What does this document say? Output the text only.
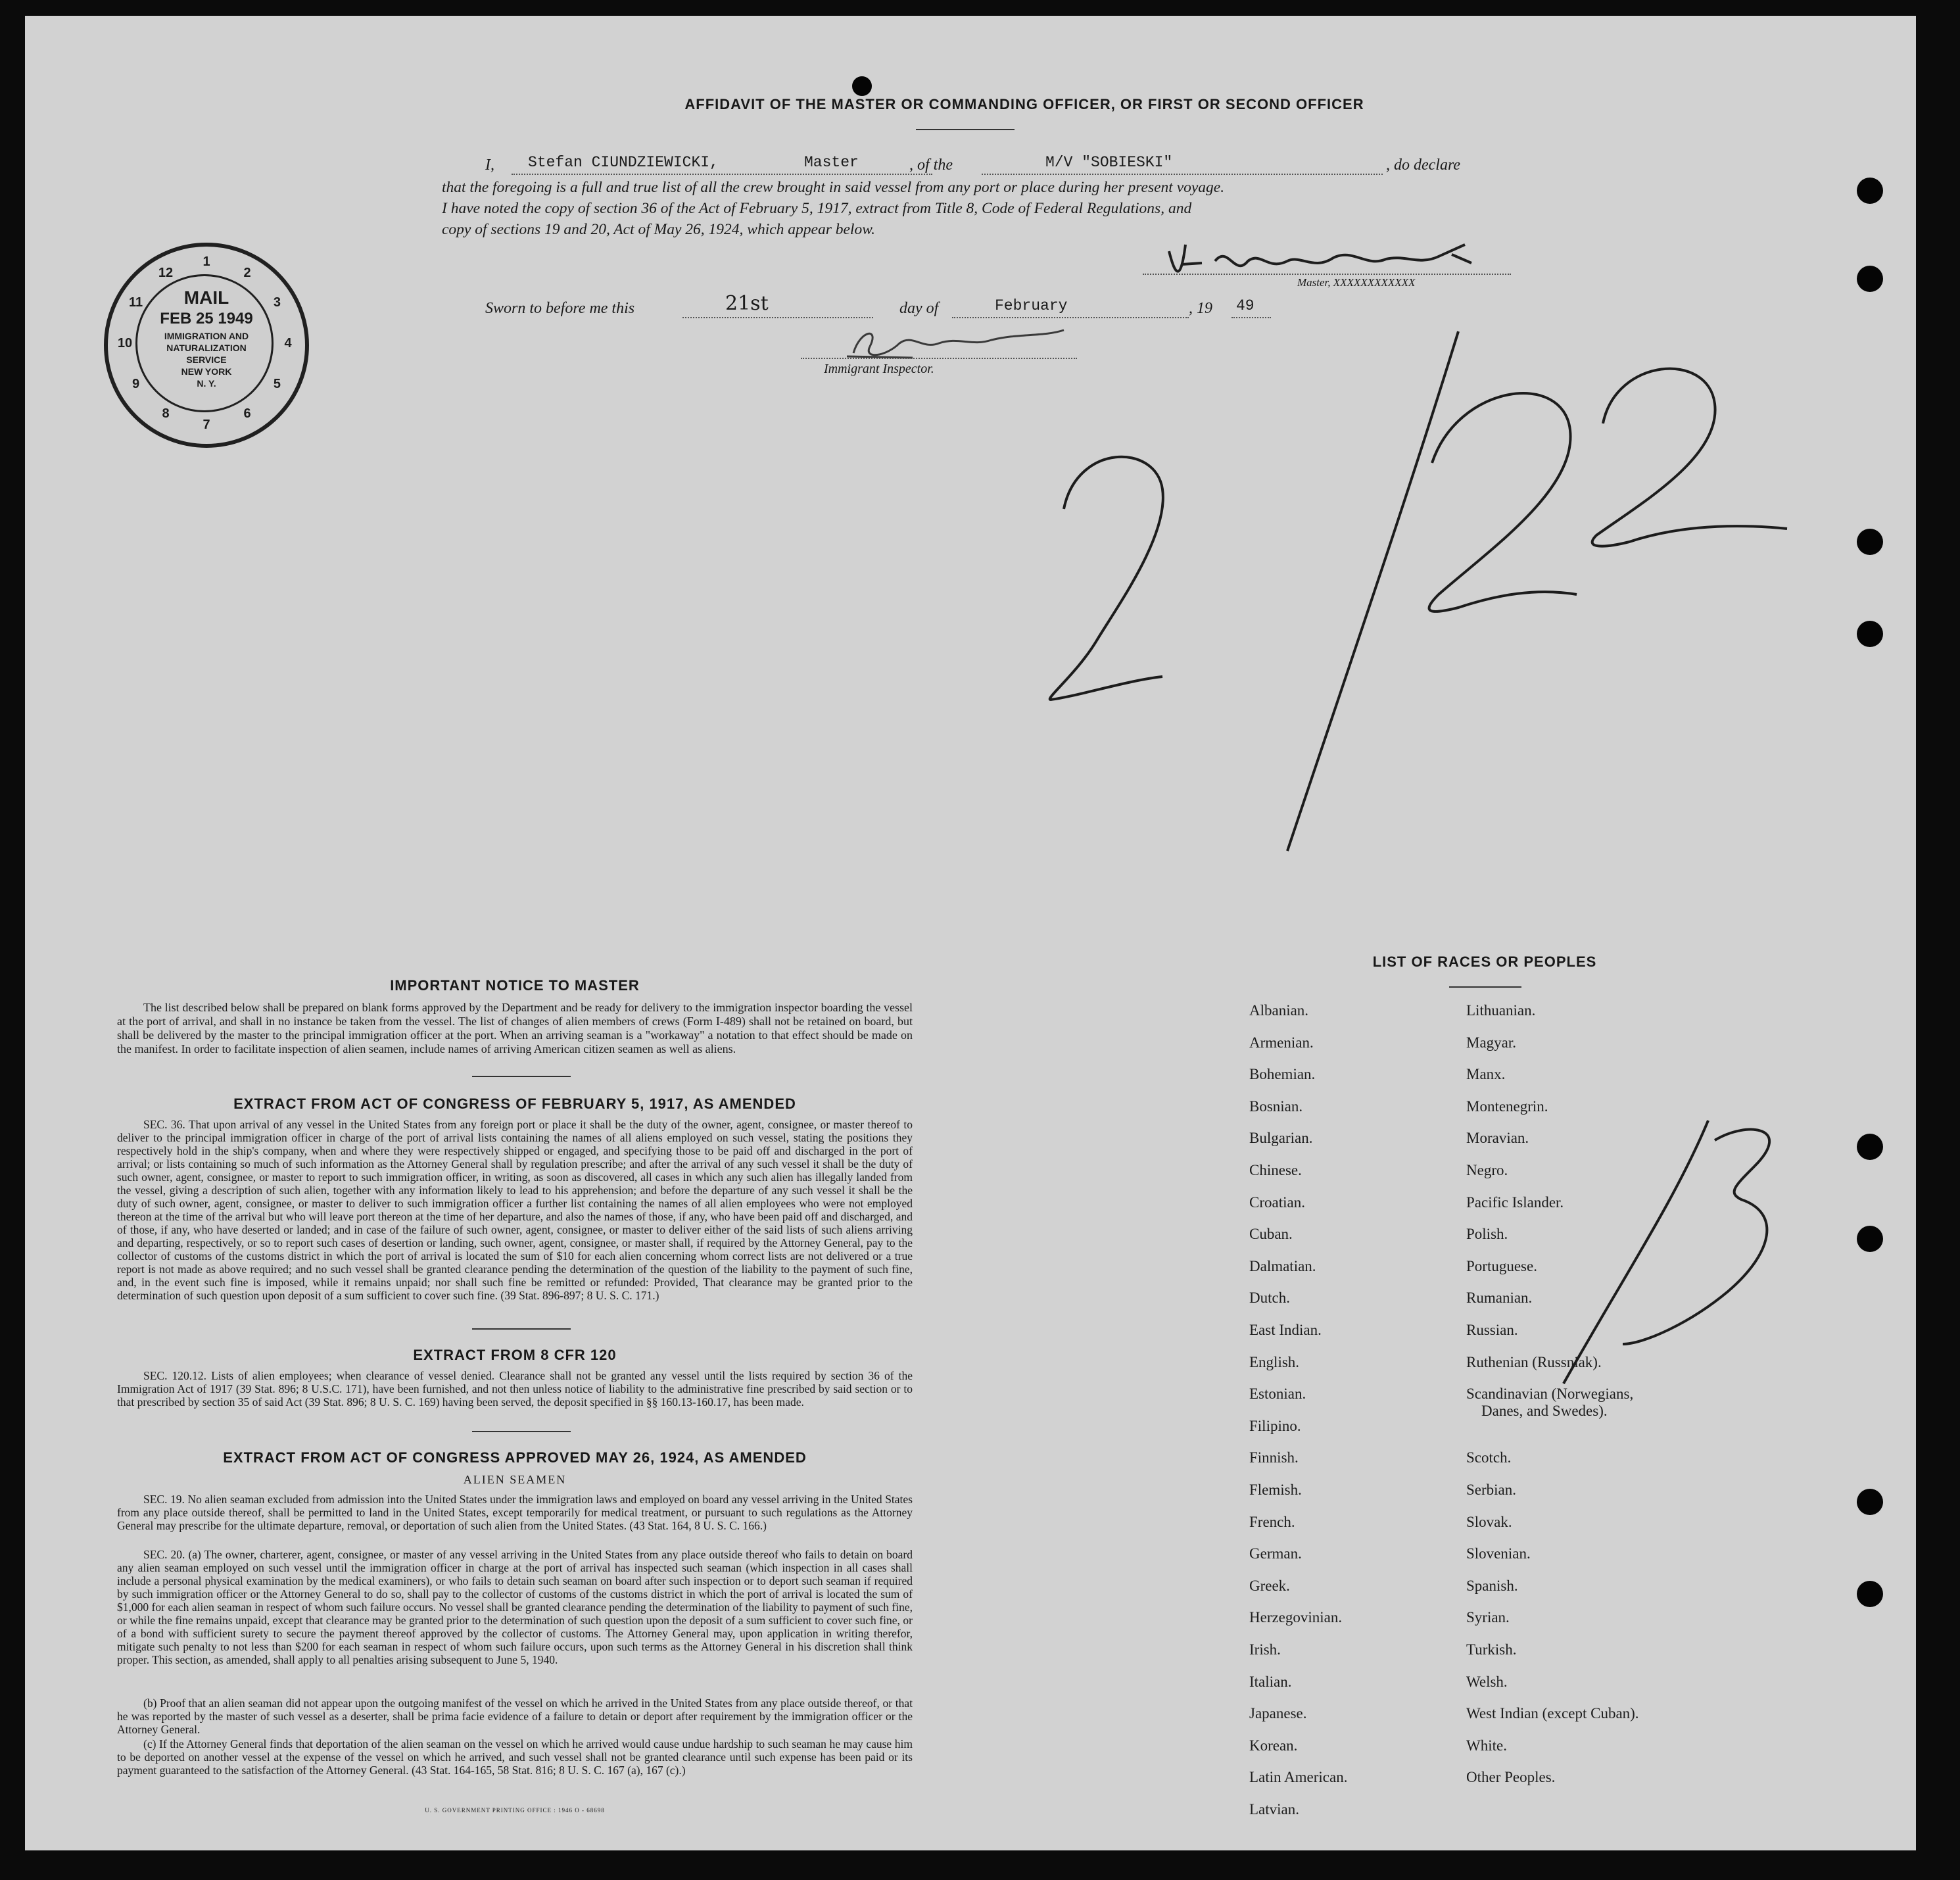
AFFIDAVIT OF THE MASTER OR COMMANDING OFFICER, OR FIRST OR SECOND OFFICER
I, Stefan CIUNDZIEWICKI,	Master	, of the	M/V "SOBIESKI"	, do declare
that the foregoing is a full and true list of all the crew brought in said vessel from any port or place during her present voyage.
I have noted the copy of section 36 of the Act of February 5, 1917, extract from Title 8, Code of Federal Regulations, and
copy of sections 19 and 20, Act of May 26, 1924, which appear below.
Master, XXXXXXXXXXXX
Sworn to before me this	21st	day of	February	, 19 49
Immigrant Inspector.
MAIL
FEB 25 1949
IMMIGRATION AND
NATURALIZATION
SERVICE
NEW YORK
N. Y.
1
2
3
4
5
6
7
8
9
10
11
12
2/22
IMPORTANT NOTICE TO MASTER
The list described below shall be prepared on blank forms approved by the Department and be ready for delivery to the immigration inspector boarding the vessel at the port of arrival, and shall in no instance be taken from the vessel. The list of changes of alien members of crews (Form I-489) shall not be retained on board, but shall be delivered by the master to the principal immigration officer at the port. When an arriving seaman is a "workaway" a notation to that effect should be made on the manifest. In order to facilitate inspection of alien seamen, include names of arriving American citizen seamen as well as aliens.
EXTRACT FROM ACT OF CONGRESS OF FEBRUARY 5, 1917, AS AMENDED
SEC. 36. That upon arrival of any vessel in the United States from any foreign port or place it shall be the duty of the owner, agent, consignee, or master thereof to deliver to the principal immigration officer in charge of the port of arrival lists containing the names of all aliens employed on such vessel, stating the positions they respectively hold in the ship's company, when and where they were respectively shipped or engaged, and specifying those to be paid off and discharged in the port of arrival; or lists containing so much of such information as the Attorney General shall by regulation prescribe; and after the arrival of any such vessel it shall be the duty of such owner, agent, consignee, or master to report to such immigration officer, in writing, as soon as discovered, all cases in which any such alien has illegally landed from the vessel, giving a description of such alien, together with any information likely to lead to his apprehension; and before the departure of any such vessel it shall be the duty of such owner, agent, consignee, or master to deliver to such immigration officer a further list containing the names of all alien employees who were not employed thereon at the time of the arrival but who will leave port thereon at the time of her departure, and also the names of those, if any, who have been paid off and discharged, and of those, if any, who have deserted or landed; and in case of the failure of such owner, agent, consignee, or master to deliver either of the said lists of such aliens arriving and departing, respectively, or so to report such cases of desertion or landing, such owner, agent, consignee, or master shall, if required by the Attorney General, pay to the collector of customs of the customs district in which the port of arrival is located the sum of $10 for each alien concerning whom correct lists are not delivered or a true report is not made as above required; and no such vessel shall be granted clearance pending the determination of the question of the liability to the payment of such fine, and, in the event such fine is imposed, while it remains unpaid; nor shall such fine be remitted or refunded: Provided, That clearance may be granted prior to the determination of such question upon deposit of a sum sufficient to cover such fine. (39 Stat. 896-897; 8 U. S. C. 171.)
EXTRACT FROM 8 CFR 120
SEC. 120.12. Lists of alien employees; when clearance of vessel denied. Clearance shall not be granted any vessel until the lists required by section 36 of the Immigration Act of 1917 (39 Stat. 896; 8 U.S.C. 171), have been furnished, and not then unless notice of liability to the administrative fine prescribed by said section or to that prescribed by section 35 of said Act (39 Stat. 896; 8 U. S. C. 169) having been served, the deposit specified in §§ 160.13-160.17, has been made.
EXTRACT FROM ACT OF CONGRESS APPROVED MAY 26, 1924, AS AMENDED
ALIEN SEAMEN
SEC. 19. No alien seaman excluded from admission into the United States under the immigration laws and employed on board any vessel arriving in the United States from any place outside thereof, shall be permitted to land in the United States, except temporarily for medical treatment, or pursuant to such regulations as the Attorney General may prescribe for the ultimate departure, removal, or deportation of such alien from the United States. (43 Stat. 164, 8 U. S. C. 166.)
SEC. 20. (a) The owner, charterer, agent, consignee, or master of any vessel arriving in the United States from any place outside thereof who fails to detain on board any alien seaman employed on such vessel until the immigration officer in charge at the port of arrival has inspected such seaman (which inspection in all cases shall include a personal physical examination by the medical examiners), or who fails to detain such seaman on board after such inspection or to deport such seaman if required by such immigration officer or the Attorney General to do so, shall pay to the collector of customs of the customs district in which the port of arrival is located the sum of $1,000 for each alien seaman in respect of whom such failure occurs. No vessel shall be granted clearance pending the determination of the liability to payment of such fine, or while the fine remains unpaid, except that clearance may be granted prior to the determination of such question upon the deposit of a sum sufficient to cover such fine, or of a bond with sufficient surety to secure the payment thereof approved by the collector of customs. The Attorney General may, upon application in writing therefor, mitigate such penalty to not less than $200 for each seaman in respect of whom such failure occurs, upon such terms as the Attorney General in his discretion shall think proper. This section, as amended, shall apply to all penalties arising subsequent to June 5, 1940.
(b) Proof that an alien seaman did not appear upon the outgoing manifest of the vessel on which he arrived in the United States from any place outside thereof, or that he was reported by the master of such vessel as a deserter, shall be prima facie evidence of a failure to detain or deport after requirement by the immigration officer or the Attorney General.
(c) If the Attorney General finds that deportation of the alien seaman on the vessel on which he arrived would cause undue hardship to such seaman he may cause him to be deported on another vessel at the expense of the vessel on which he arrived, and such vessel shall not be granted clearance until such expense has been paid or its payment guaranteed to the satisfaction of the Attorney General. (43 Stat. 164-165, 58 Stat. 816; 8 U. S. C. 167 (a), 167 (c).)
U. S. GOVERNMENT PRINTING OFFICE : 1946 O - 68698
LIST OF RACES OR PEOPLES
Albanian.
Armenian.
Bohemian.
Bosnian.
Bulgarian.
Chinese.
Croatian.
Cuban.
Dalmatian.
Dutch.
East Indian.
English.
Estonian.
Filipino.
Finnish.
Flemish.
French.
German.
Greek.
Herzegovinian.
Irish.
Italian.
Japanese.
Korean.
Latin American.
Latvian.
Lithuanian.
Magyar.
Manx.
Montenegrin.
Moravian.
Negro.
Pacific Islander.
Polish.
Portuguese.
Rumanian.
Russian.
Ruthenian (Russniak).
Scandinavian (Norwegians,
Danes, and Swedes).
Scotch.
Serbian.
Slovak.
Slovenian.
Spanish.
Syrian.
Turkish.
Welsh.
West Indian (except Cuban).
White.
Other Peoples.
13
